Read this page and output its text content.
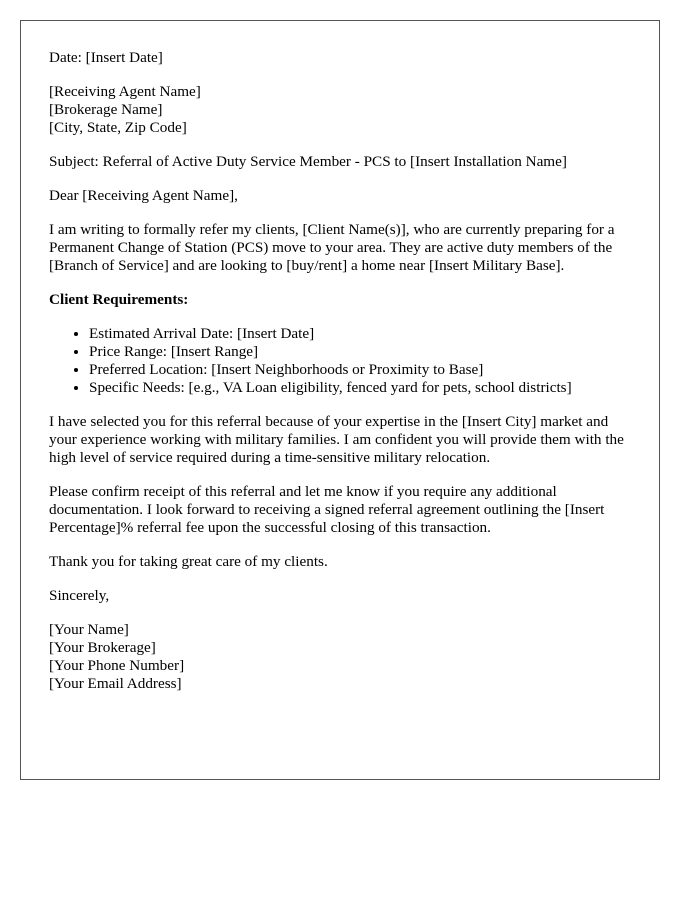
Date: [Insert Date]

[Receiving Agent Name]
[Brokerage Name]
[City, State, Zip Code]

Subject: Referral of Active Duty Service Member - PCS to [Insert Installation Name]

Dear [Receiving Agent Name],

I am writing to formally refer my clients, [Client Name(s)], who are currently preparing for a Permanent Change of Station (PCS) move to your area. They are active duty members of the [Branch of Service] and are looking to [buy/rent] a home near [Insert Military Base].

Client Requirements:

• Estimated Arrival Date: [Insert Date]
• Price Range: [Insert Range]
• Preferred Location: [Insert Neighborhoods or Proximity to Base]
• Specific Needs: [e.g., VA Loan eligibility, fenced yard for pets, school districts]

I have selected you for this referral because of your expertise in the [Insert City] market and your experience working with military families. I am confident you will provide them with the high level of service required during a time-sensitive military relocation.

Please confirm receipt of this referral and let me know if you require any additional documentation. I look forward to receiving a signed referral agreement outlining the [Insert Percentage]% referral fee upon the successful closing of this transaction.

Thank you for taking great care of my clients.

Sincerely,

[Your Name]
[Your Brokerage]
[Your Phone Number]
[Your Email Address]
